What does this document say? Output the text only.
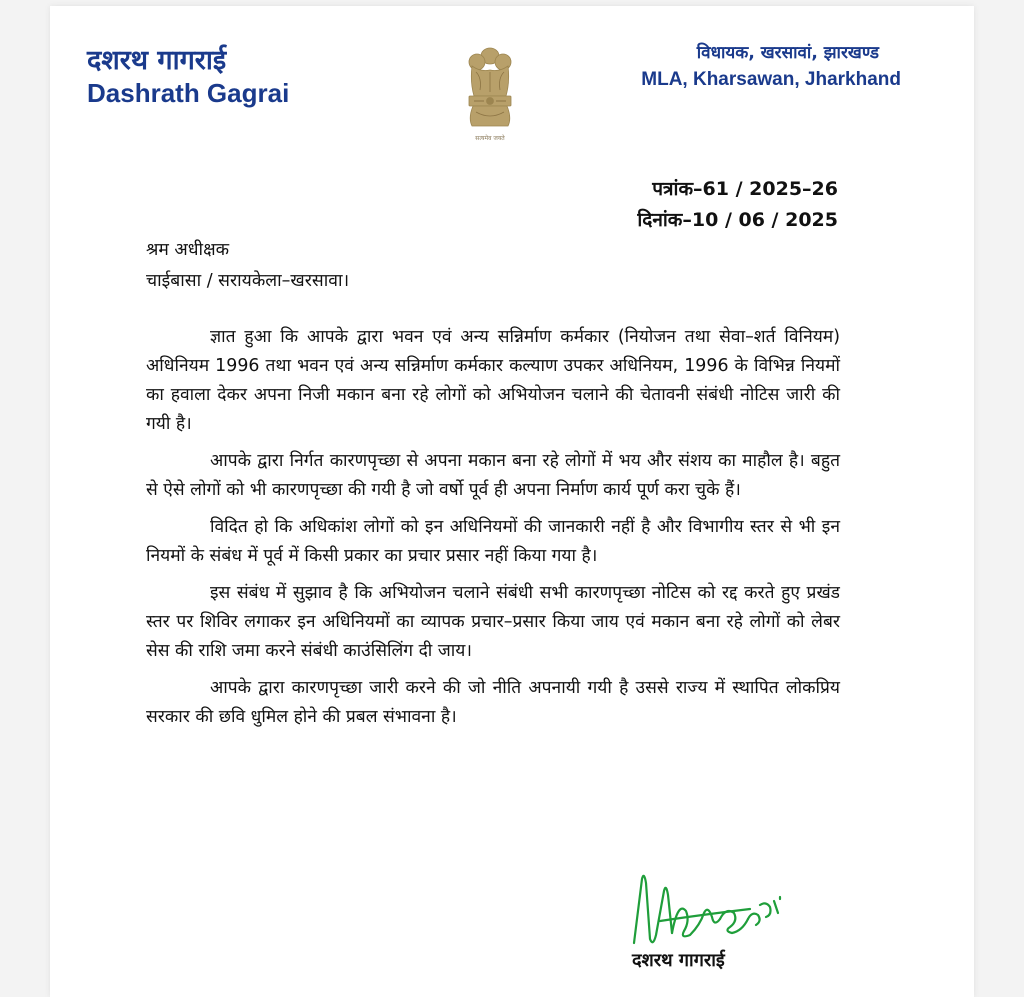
दशरथ गागराई
Dashrath Gagrai
सत्यमेव जयते
विधायक, खरसावां, झारखण्ड
MLA, Kharsawan, Jharkhand
पत्रांक–61 / 2025–26
दिनांक–10 / 06 / 2025
श्रम अधीक्षक
चाईबासा / सरायकेला–खरसावा।

ज्ञात हुआ कि आपके द्वारा भवन एवं अन्य सन्निर्माण कर्मकार (नियोजन तथा सेवा–शर्त विनियम) अधिनियम 1996 तथा भवन एवं अन्य सन्निर्माण कर्मकार कल्याण उपकर अधिनियम, 1996 के विभिन्न नियमों का हवाला देकर अपना निजी मकान बना रहे लोगों को अभियोजन चलाने की चेतावनी संबंधी नोटिस जारी की गयी है।

आपके द्वारा निर्गत कारणपृच्छा से अपना मकान बना रहे लोगों में भय और संशय का माहौल है। बहुत से ऐसे लोगों को भी कारणपृच्छा की गयी है जो वर्षो पूर्व ही अपना निर्माण कार्य पूर्ण करा चुके हैं।

विदित हो कि अधिकांश लोगों को इन अधिनियमों की जानकारी नहीं है और विभागीय स्तर से भी इन नियमों के संबंध में पूर्व में किसी प्रकार का प्रचार प्रसार नहीं किया गया है।

इस संबंध में सुझाव है कि अभियोजन चलाने संबंधी सभी कारणपृच्छा नोटिस को रद्द करते हुए प्रखंड स्तर पर शिविर लगाकर इन अधिनियमों का व्यापक प्रचार–प्रसार किया जाय एवं मकान बना रहे लोगों को लेबर सेस की राशि जमा करने संबंधी काउंसिलिंग दी जाय।

आपके द्वारा कारणपृच्छा जारी करने की जो नीति अपनायी गयी है उससे राज्य में स्थापित लोकप्रिय सरकार की छवि धुमिल होने की प्रबल संभावना है।

दशरथ गागराई
